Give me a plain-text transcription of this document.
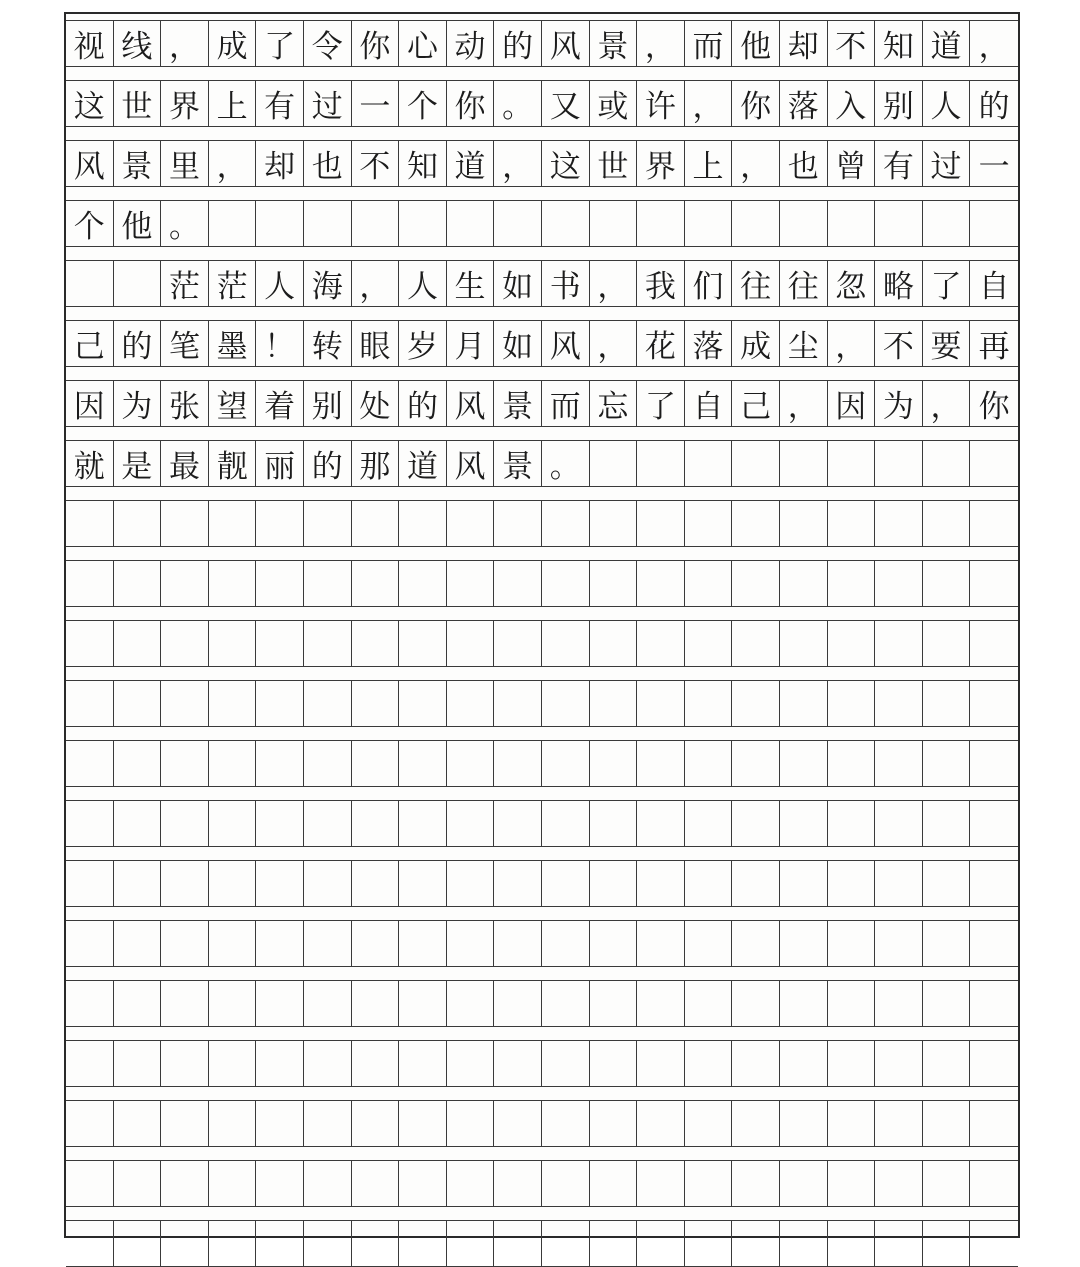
视 线 ， 成 了 令 你 心 动 的 风 景 ， 而 他 却 不 知 道 ，
这 世 界 上 有 过 一 个 你 。 又 或 许 ， 你 落 入 别 人 的
风 景 里 ， 却 也 不 知 道 ， 这 世 界 上 ， 也 曾 有 过 一
个 他 。

茫 茫 人 海 ， 人 生 如 书 ， 我 们 往 往 忽 略 了 自
己 的 笔 墨 ！ 转 眼 岁 月 如 风 ， 花 落 成 尘 ， 不 要 再
因 为 张 望 着 别 处 的 风 景 而 忘 了 自 己 ， 因 为 ， 你
就 是 最 靓 丽 的 那 道 风 景 。
